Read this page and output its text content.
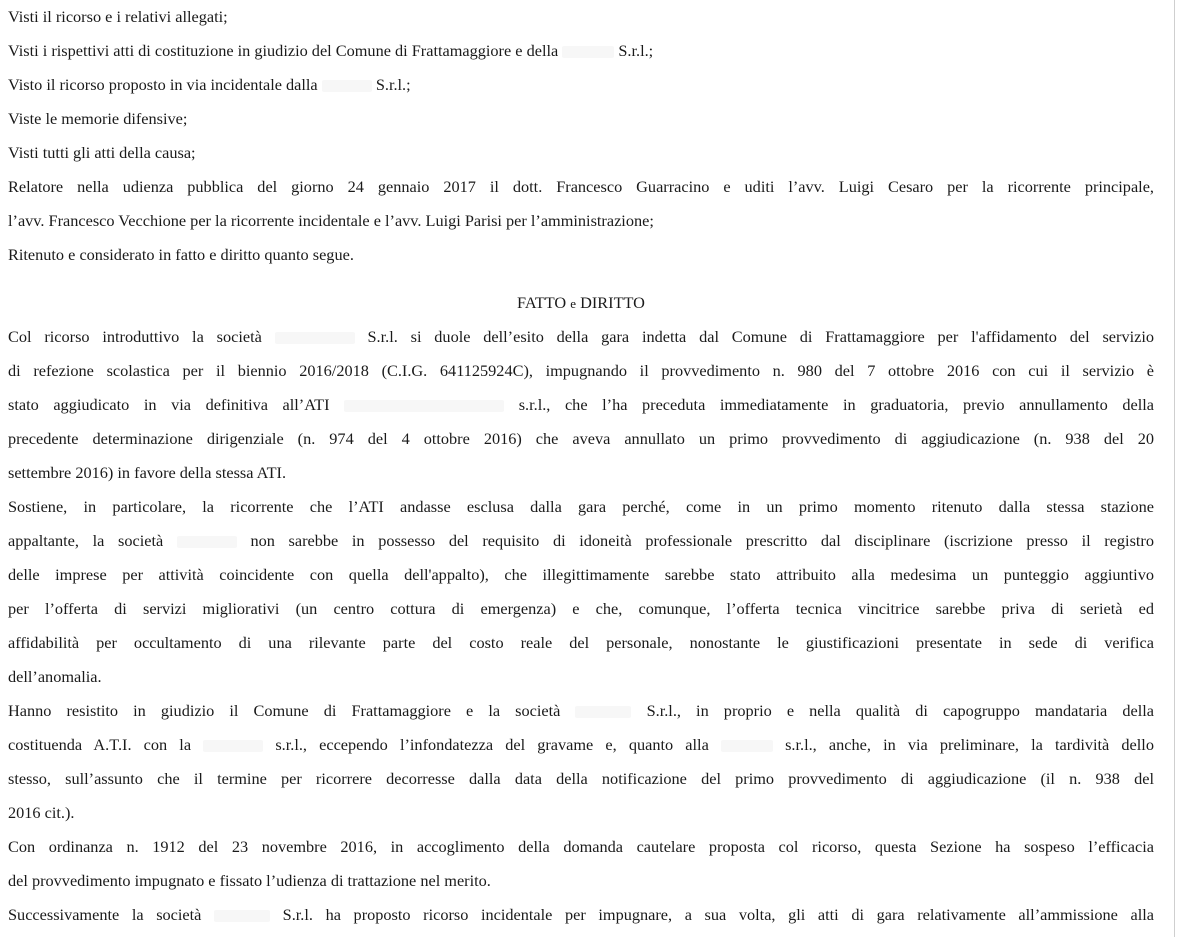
Visti il ricorso e i relativi allegati;
Visti i rispettivi atti di costituzione in giudizio del Comune di Frattamaggiore e della	S.r.l.;
Visto il ricorso proposto in via incidentale dalla	S.r.l.;
Viste le memorie difensive;
Visti tutti gli atti della causa;
Relatore nella udienza pubblica del giorno 24 gennaio 2017 il dott. Francesco Guarracino e uditi l’avv. Luigi Cesaro per la ricorrente principale,
l’avv. Francesco Vecchione per la ricorrente incidentale e l’avv. Luigi Parisi per l’amministrazione;
Ritenuto e considerato in fatto e diritto quanto segue.
FATTO e DIRITTO
Col ricorso introduttivo la società	S.r.l. si duole dell’esito della gara indetta dal Comune di Frattamaggiore per l'affidamento del servizio
di refezione scolastica per il biennio 2016/2018 (C.I.G. 641125924C), impugnando il provvedimento n. 980 del 7 ottobre 2016 con cui il servizio è
stato aggiudicato in via definitiva all’ATI	s.r.l., che l’ha preceduta immediatamente in graduatoria, previo annullamento della
precedente determinazione dirigenziale (n. 974 del 4 ottobre 2016) che aveva annullato un primo provvedimento di aggiudicazione (n. 938 del 20
settembre 2016) in favore della stessa ATI.
Sostiene, in particolare, la ricorrente che l’ATI andasse esclusa dalla gara perché, come in un primo momento ritenuto dalla stessa stazione
appaltante, la società	non sarebbe in possesso del requisito di idoneità professionale prescritto dal disciplinare (iscrizione presso il registro
delle imprese per attività coincidente con quella dell'appalto), che illegittimamente sarebbe stato attribuito alla medesima un punteggio aggiuntivo
per l’offerta di servizi migliorativi (un centro cottura di emergenza) e che, comunque, l’offerta tecnica vincitrice sarebbe priva di serietà ed
affidabilità per occultamento di una rilevante parte del costo reale del personale, nonostante le giustificazioni presentate in sede di verifica
dell’anomalia.
Hanno resistito in giudizio il Comune di Frattamaggiore e la società	S.r.l., in proprio e nella qualità di capogruppo mandataria della
costituenda A.T.I. con la	s.r.l., eccependo l’infondatezza del gravame e, quanto alla	s.r.l., anche, in via preliminare, la tardività dello
stesso, sull’assunto che il termine per ricorrere decorresse dalla data della notificazione del primo provvedimento di aggiudicazione (il n. 938 del
2016 cit.).
Con ordinanza n. 1912 del 23 novembre 2016, in accoglimento della domanda cautelare proposta col ricorso, questa Sezione ha sospeso l’efficacia
del provvedimento impugnato e fissato l’udienza di trattazione nel merito.
Successivamente la società	S.r.l. ha proposto ricorso incidentale per impugnare, a sua volta, gli atti di gara relativamente all’ammissione alla
